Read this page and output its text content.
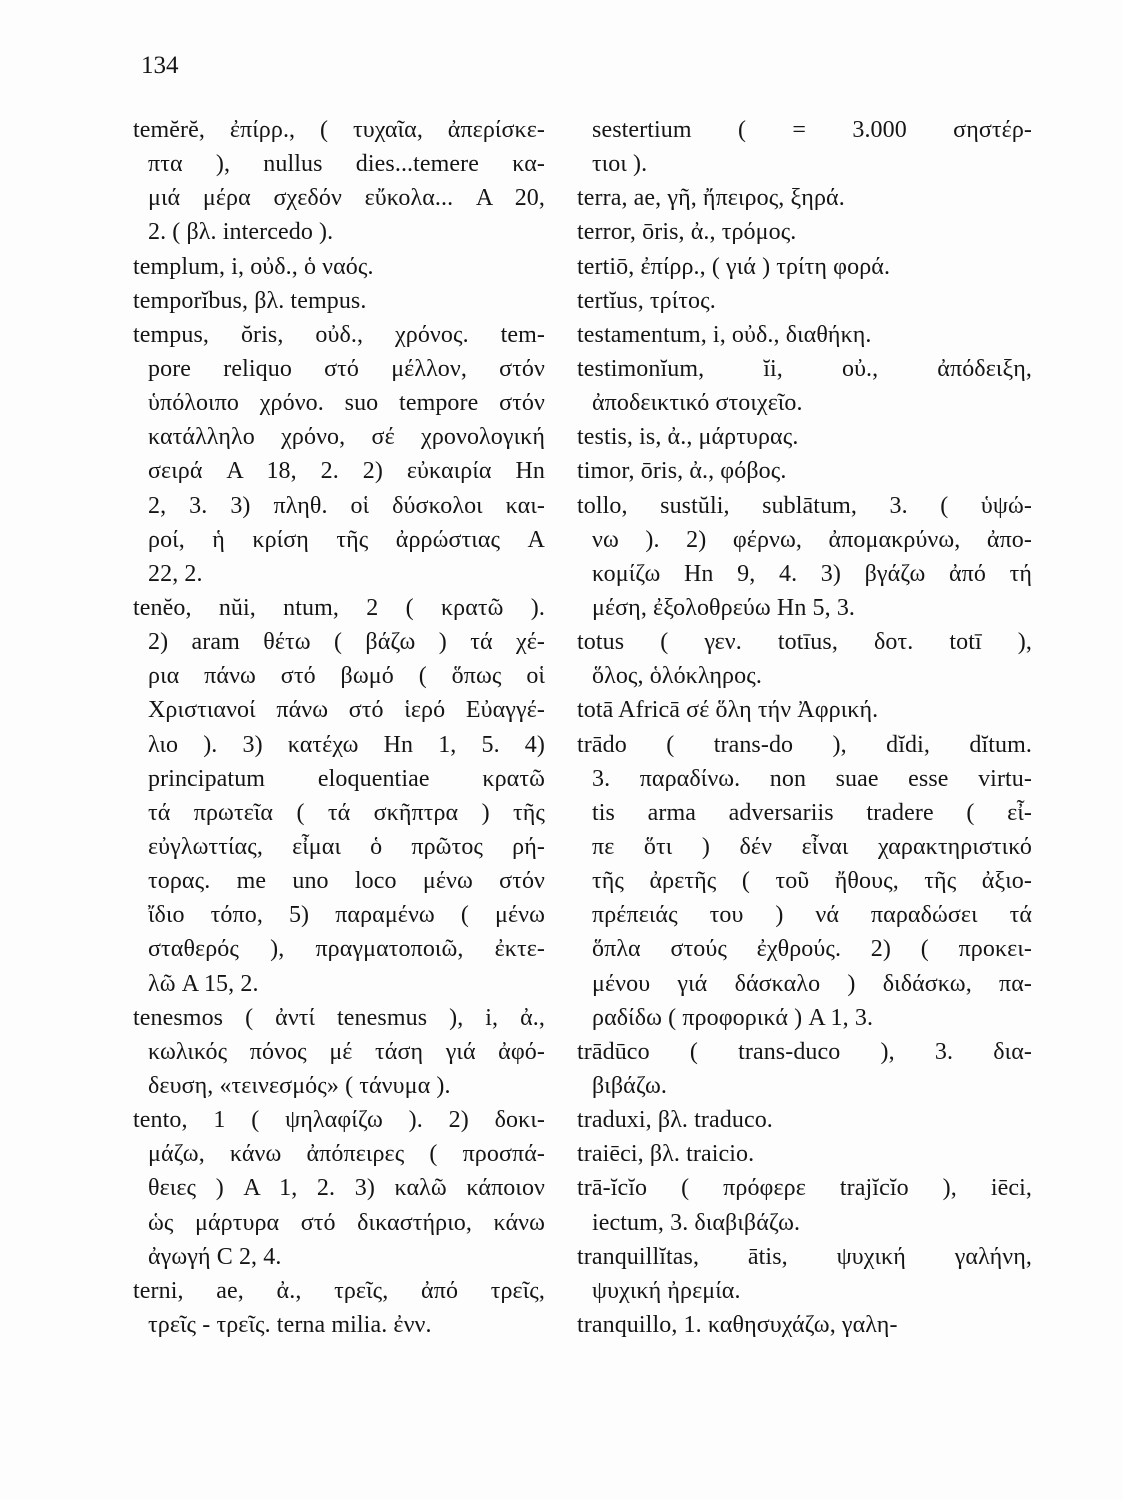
134
temĕrĕ, ἐπίρρ., ( τυχαῖα, ἀπερίσκε-
πτα ), nullus dies...temere κα-
μιά μέρα σχεδόν εὔκολα... A 20,
2. ( βλ. intercedo ).
templum, i, οὐδ., ὁ ναός.
temporĭbus, βλ. tempus.
tempus, ŏris, οὐδ., χρόνος. tem-
pore reliquo στό μέλλον, στόν
ὑπόλοιπο χρόνο. suo tempore στόν
κατάλληλο χρόνο, σέ χρονολογική
σειρά A 18, 2. 2) εὐκαιρία Hn
2, 3. 3) πληθ. οἱ δύσκολοι και-
ροί, ἡ κρίση τῆς ἀρρώστιας A
22, 2.
tenĕo, nŭi, ntum, 2 ( κρατῶ ).
2) aram θέτω ( βάζω ) τά χέ-
ρια πάνω στό βωμό ( ὅπως οἱ
Χριστιανοί πάνω στό ἱερό Εὐαγγέ-
λιο ). 3) κατέχω Hn 1, 5. 4)
principatum eloquentiae κρατῶ
τά πρωτεῖα ( τά σκῆπτρα ) τῆς
εὐγλωττίας, εἶμαι ὁ πρῶτος ρή-
τορας. me uno loco μένω στόν
ἴδιο τόπο, 5) παραμένω ( μένω
σταθερός ), πραγματοποιῶ, ἐκτε-
λῶ A 15, 2.
tenesmos ( ἀντί tenesmus ), i, ἀ.,
κωλικός πόνος μέ τάση γιά ἀφό-
δευση, «τεινεσμός» ( τάνυμα ).
tento, 1 ( ψηλαφίζω ). 2) δοκι-
μάζω, κάνω ἀπόπειρες ( προσπά-
θειες ) A 1, 2. 3) καλῶ κάποιον
ὡς μάρτυρα στό δικαστήριο, κάνω
ἀγωγή C 2, 4.
terni, ae, ἀ., τρεῖς, ἀπό τρεῖς,
τρεῖς - τρεῖς. terna milia. ἐνν.
sestertium ( = 3.000 σηστέρ-
τιοι ).
terra, ae, γῆ, ἤπειρος, ξηρά.
terror, ōris, ἀ., τρόμος.
tertiō, ἐπίρρ., ( γιά ) τρίτη φορά.
tertĭus, τρίτος.
testamentum, i, οὐδ., διαθήκη.
testimonĭum, ĭi, οὐ., ἀπόδειξη,
ἀποδεικτικό στοιχεῖο.
testis, is, ἀ., μάρτυρας.
timor, ōris, ἀ., φόβος.
tollo, sustŭli, sublātum, 3. ( ὑψώ-
νω ). 2) φέρνω, ἀπομακρύνω, ἀπο-
κομίζω Hn 9, 4. 3) βγάζω ἀπό τή
μέση, ἐξολοθρεύω Hn 5, 3.
totus ( γεν. totīus, δοτ. totī ),
ὅλος, ὁλόκληρος.
totā Africā σέ ὅλη τήν Ἀφρική.
trādo ( trans-do ), dĭdi, dĭtum.
3. παραδίνω. non suae esse virtu-
tis arma adversariis tradere ( εἶ-
πε ὅτι ) δέν εἶναι χαρακτηριστικό
τῆς ἀρετῆς ( τοῦ ἤθους, τῆς ἀξιο-
πρέπειάς του ) νά παραδώσει τά
ὅπλα στούς ἐχθρούς. 2) ( προκει-
μένου γιά δάσκαλο ) διδάσκω, πα-
ραδίδω ( προφορικά ) A 1, 3.
trādūco ( trans-duco ), 3. δια-
βιβάζω.
traduxi, βλ. traduco.
traiēci, βλ. traicio.
trā-ĭcĭo ( πρόφερε trajĭcĭo ), iēci,
iectum, 3. διαβιβάζω.
tranquillĭtas, ātis, ψυχική γαλήνη,
ψυχική ἠρεμία.
tranquillo, 1. καθησυχάζω, γαλη-
